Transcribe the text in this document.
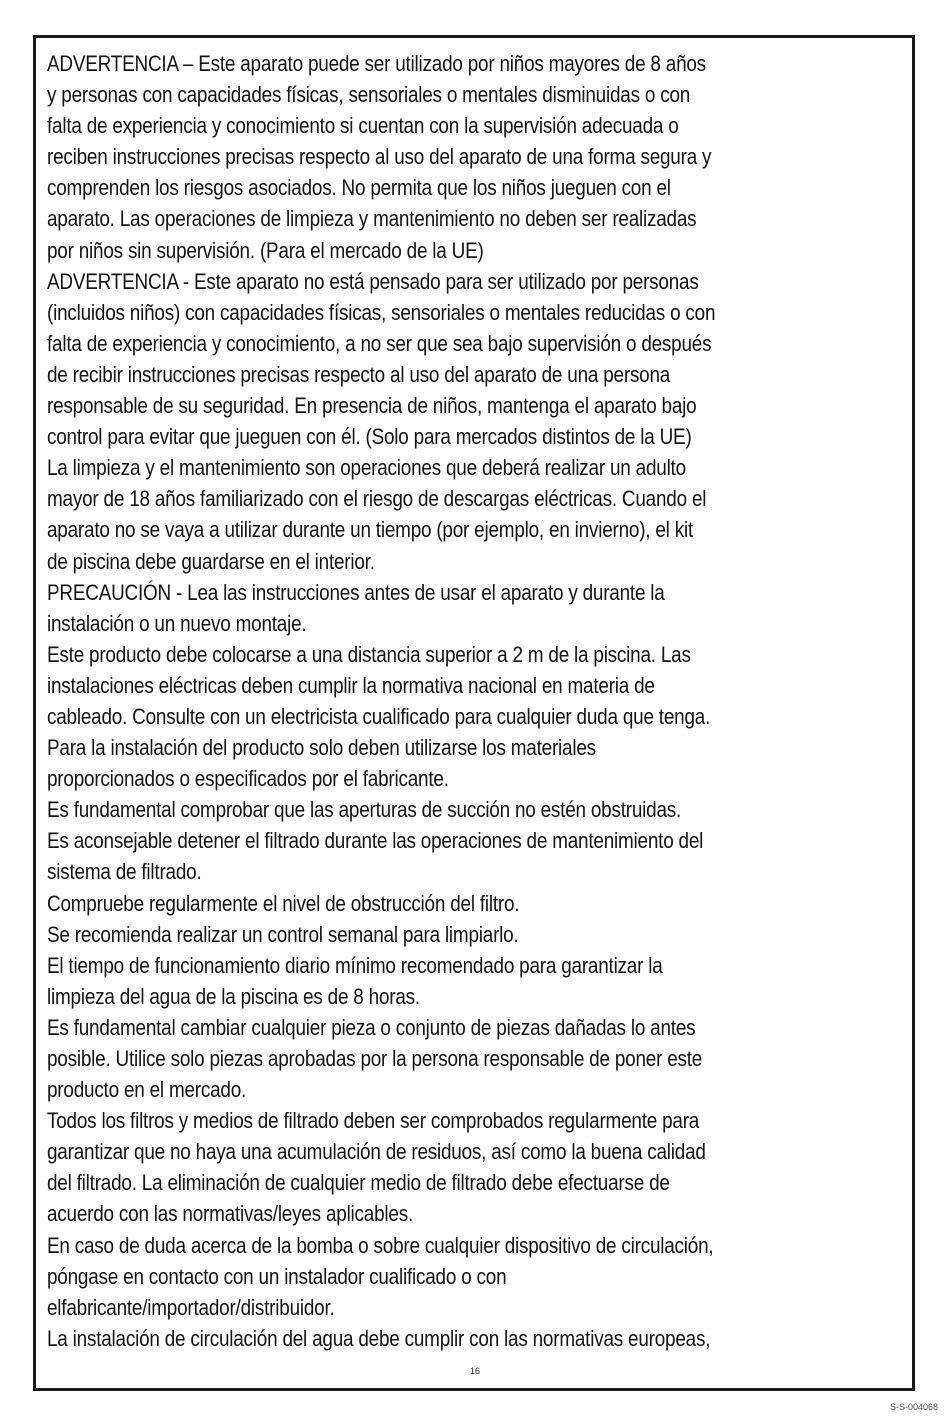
ADVERTENCIA – Este aparato puede ser utilizado por niños mayores de 8 años
y personas con capacidades físicas, sensoriales o mentales disminuidas o con
falta de experiencia y conocimiento si cuentan con la supervisión adecuada o
reciben instrucciones precisas respecto al uso del aparato de una forma segura y
comprenden los riesgos asociados. No permita que los niños jueguen con el
aparato. Las operaciones de limpieza y mantenimiento no deben ser realizadas
por niños sin supervisión. (Para el mercado de la UE)
ADVERTENCIA - Este aparato no está pensado para ser utilizado por personas
(incluidos niños) con capacidades físicas, sensoriales o mentales reducidas o con
falta de experiencia y conocimiento, a no ser que sea bajo supervisión o después
de recibir instrucciones precisas respecto al uso del aparato de una persona
responsable de su seguridad. En presencia de niños, mantenga el aparato bajo
control para evitar que jueguen con él. (Solo para mercados distintos de la UE)
La limpieza y el mantenimiento son operaciones que deberá realizar un adulto
mayor de 18 años familiarizado con el riesgo de descargas eléctricas. Cuando el
aparato no se vaya a utilizar durante un tiempo (por ejemplo, en invierno), el kit
de piscina debe guardarse en el interior.
PRECAUCIÓN - Lea las instrucciones antes de usar el aparato y durante la
instalación o un nuevo montaje.
Este producto debe colocarse a una distancia superior a 2 m de la piscina. Las
instalaciones eléctricas deben cumplir la normativa nacional en materia de
cableado. Consulte con un electricista cualificado para cualquier duda que tenga.
Para la instalación del producto solo deben utilizarse los materiales
proporcionados o especificados por el fabricante.
Es fundamental comprobar que las aperturas de succión no estén obstruidas.
Es aconsejable detener el filtrado durante las operaciones de mantenimiento del
sistema de filtrado.
Compruebe regularmente el nivel de obstrucción del filtro.
Se recomienda realizar un control semanal para limpiarlo.
El tiempo de funcionamiento diario mínimo recomendado para garantizar la
limpieza del agua de la piscina es de 8 horas.
Es fundamental cambiar cualquier pieza o conjunto de piezas dañadas lo antes
posible. Utilice solo piezas aprobadas por la persona responsable de poner este
producto en el mercado.
Todos los filtros y medios de filtrado deben ser comprobados regularmente para
garantizar que no haya una acumulación de residuos, así como la buena calidad
del filtrado. La eliminación de cualquier medio de filtrado debe efectuarse de
acuerdo con las normativas/leyes aplicables.
En caso de duda acerca de la bomba o sobre cualquier dispositivo de circulación,
póngase en contacto con un instalador cualificado o con
elfabricante/importador/distribuidor.
La instalación de circulación del agua debe cumplir con las normativas europeas,
16
S-S-004068
